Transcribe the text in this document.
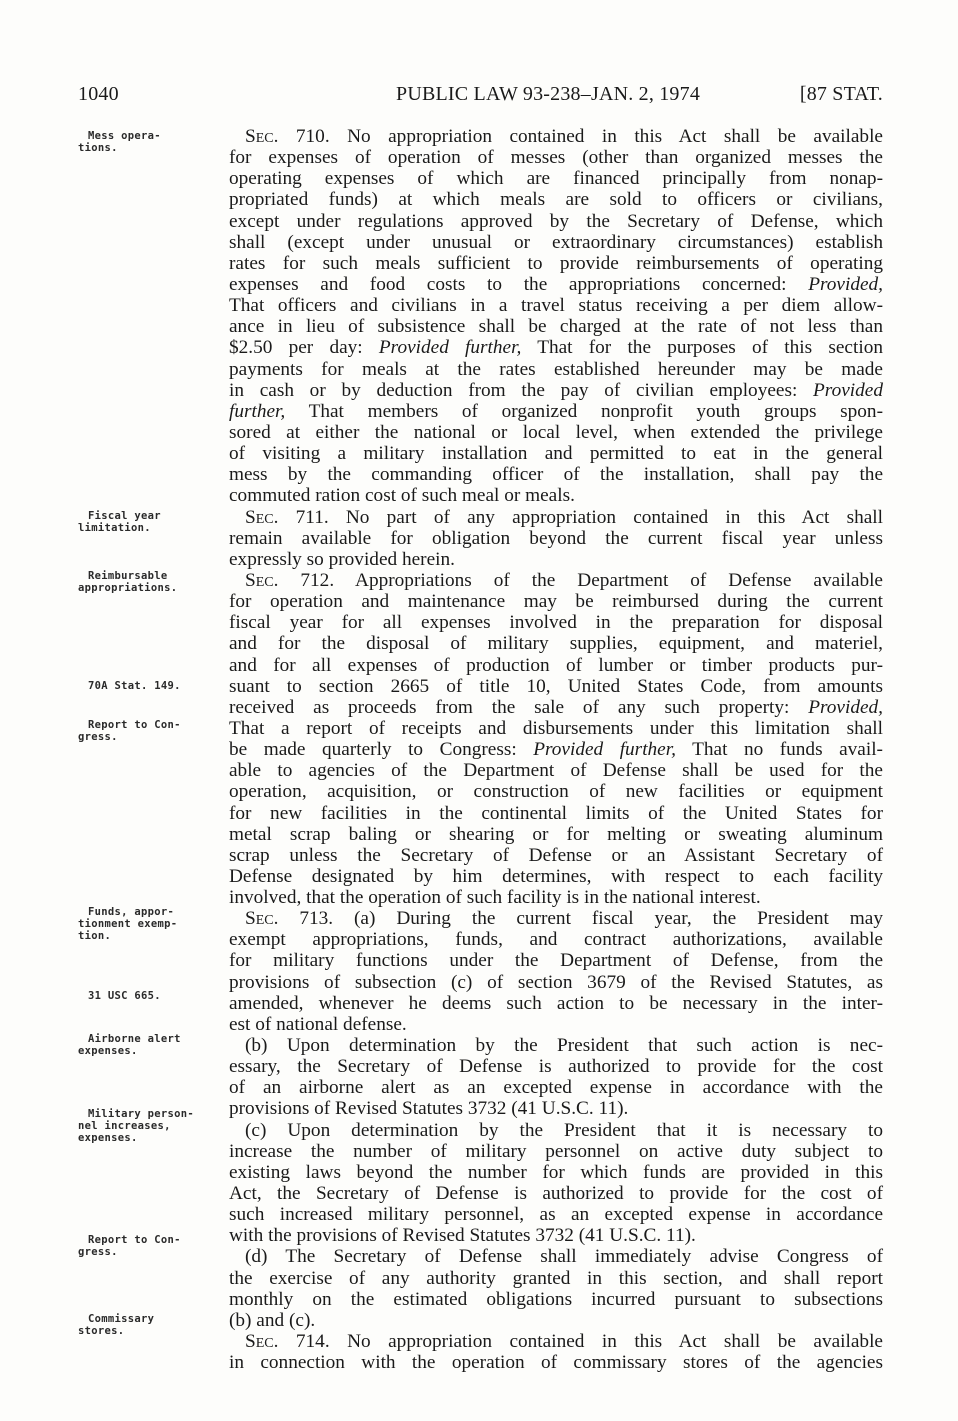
1040	PUBLIC LAW 93-238–JAN. 2, 1974	[87 STAT.
Mess opera-
tions.
Fiscal year
limitation.
Reimbursable
appropriations.
70A Stat. 149.
Report to Con-
gress.
Funds, appor-
tionment exemp-
tion.
31 USC 665.
Airborne alert
expenses.
Military person-
nel increases,
expenses.
Report to Con-
gress.
Commissary
stores.
Sec. 710. No appropriation contained in this Act shall be available
for expenses of operation of messes (other than organized messes the
operating expenses of which are financed principally from nonap-
propriated funds) at which meals are sold to officers or civilians,
except under regulations approved by the Secretary of Defense, which
shall (except under unusual or extraordinary circumstances) establish
rates for such meals sufficient to provide reimbursements of operating
expenses and food costs to the appropriations concerned: Provided,
That officers and civilians in a travel status receiving a per diem allow-
ance in lieu of subsistence shall be charged at the rate of not less than
$2.50 per day: Provided further, That for the purposes of this section
payments for meals at the rates established hereunder may be made
in cash or by deduction from the pay of civilian employees: Provided
further, That members of organized nonprofit youth groups spon-
sored at either the national or local level, when extended the privilege
of visiting a military installation and permitted to eat in the general
mess by the commanding officer of the installation, shall pay the
commuted ration cost of such meal or meals.
Sec. 711. No part of any appropriation contained in this Act shall
remain available for obligation beyond the current fiscal year unless
expressly so provided herein.
Sec. 712. Appropriations of the Department of Defense available
for operation and maintenance may be reimbursed during the current
fiscal year for all expenses involved in the preparation for disposal
and for the disposal of military supplies, equipment, and materiel,
and for all expenses of production of lumber or timber products pur-
suant to section 2665 of title 10, United States Code, from amounts
received as proceeds from the sale of any such property: Provided,
That a report of receipts and disbursements under this limitation shall
be made quarterly to Congress: Provided further, That no funds avail-
able to agencies of the Department of Defense shall be used for the
operation, acquisition, or construction of new facilities or equipment
for new facilities in the continental limits of the United States for
metal scrap baling or shearing or for melting or sweating aluminum
scrap unless the Secretary of Defense or an Assistant Secretary of
Defense designated by him determines, with respect to each facility
involved, that the operation of such facility is in the national interest.
Sec. 713. (a) During the current fiscal year, the President may
exempt appropriations, funds, and contract authorizations, available
for military functions under the Department of Defense, from the
provisions of subsection (c) of section 3679 of the Revised Statutes, as
amended, whenever he deems such action to be necessary in the inter-
est of national defense.
(b) Upon determination by the President that such action is nec-
essary, the Secretary of Defense is authorized to provide for the cost
of an airborne alert as an excepted expense in accordance with the
provisions of Revised Statutes 3732 (41 U.S.C. 11).
(c) Upon determination by the President that it is necessary to
increase the number of military personnel on active duty subject to
existing laws beyond the number for which funds are provided in this
Act, the Secretary of Defense is authorized to provide for the cost of
such increased military personnel, as an excepted expense in accordance
with the provisions of Revised Statutes 3732 (41 U.S.C. 11).
(d) The Secretary of Defense shall immediately advise Congress of
the exercise of any authority granted in this section, and shall report
monthly on the estimated obligations incurred pursuant to subsections
(b) and (c).
Sec. 714. No appropriation contained in this Act shall be available
in connection with the operation of commissary stores of the agencies
